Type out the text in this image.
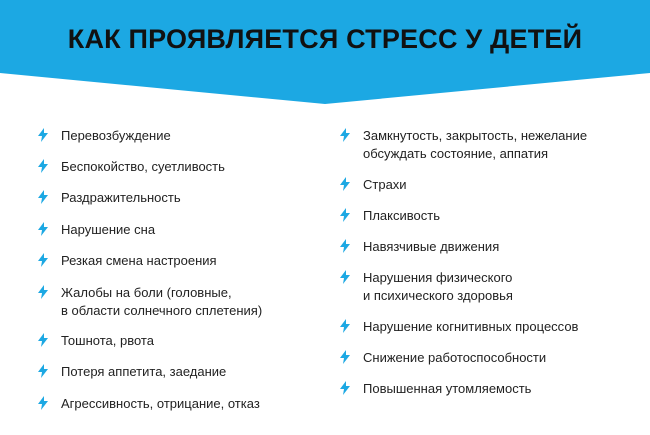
КАК ПРОЯВЛЯЕТСЯ СТРЕСС У ДЕТЕЙ
Перевозбуждение
Беспокойство, суетливость
Раздражительность
Нарушение сна
Резкая смена настроения
Жалобы на боли (головные,
в области солнечного сплетения)
Тошнота, рвота
Потеря аппетита, заедание
Агрессивность, отрицание, отказ
Замкнутость, закрытость, нежелание
обсуждать состояние, аппатия
Страхи
Плаксивость
Навязчивые движения
Нарушения физического
и психического здоровья
Нарушение когнитивных процессов
Снижение работоспособности
Повышенная утомляемость
